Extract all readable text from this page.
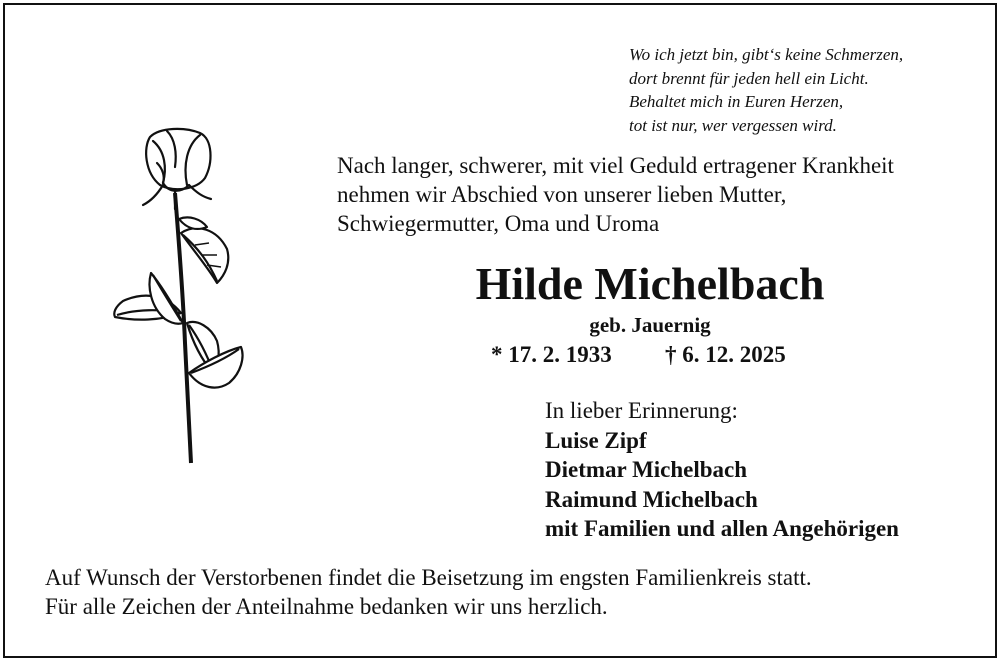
Wo ich jetzt bin, gibt‘s keine Schmerzen,
dort brennt für jeden hell ein Licht.
Behaltet mich in Euren Herzen,
tot ist nur, wer vergessen wird.
Nach langer, schwerer, mit viel Geduld ertragener Krankheit
nehmen wir Abschied von unserer lieben Mutter,
Schwiegermutter, Oma und Uroma
Hilde Michelbach
geb. Jauernig
* 17. 2. 1933 † 6. 12. 2025
In lieber Erinnerung:
Luise Zipf
Dietmar Michelbach
Raimund Michelbach
mit Familien und allen Angehörigen
Auf Wunsch der Verstorbenen findet die Beisetzung im engsten Familienkreis statt.
Für alle Zeichen der Anteilnahme bedanken wir uns herzlich.
